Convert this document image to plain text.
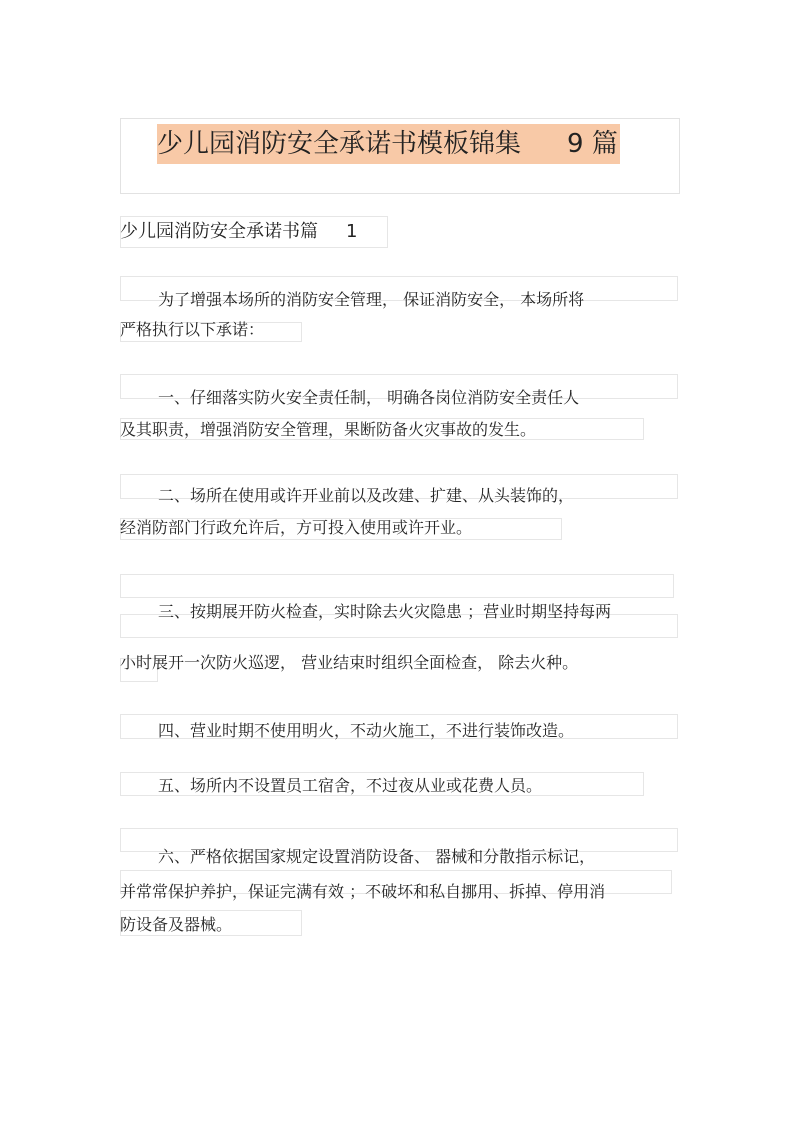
少儿园消防安全承诺书模板锦集 9 篇
少儿园消防安全承诺书篇 1
为了增强本场所的消防安全管理， 保证消防安全， 本场所将
严格执行以下承诺：
一、仔细落实防火安全责任制， 明确各岗位消防安全责任人
及其职责，增强消防安全管理，果断防备火灾事故的发生。
二、场所在使用或许开业前以及改建、扩建、从头装饰的，
经消防部门行政允许后，方可投入使用或许开业。
三、按期展开防火检查，实时除去火灾隐患 ；营业时期坚持每两
小时展开一次防火巡逻， 营业结束时组织全面检查， 除去火种。
四、营业时期不使用明火，不动火施工，不进行装饰改造。
五、场所内不设置员工宿舍，不过夜从业或花费人员。
六、严格依据国家规定设置消防设备、 器械和分散指示标记，
并常常保护养护，保证完满有效 ；不破坏和私自挪用、拆掉、停用消
防设备及器械。
